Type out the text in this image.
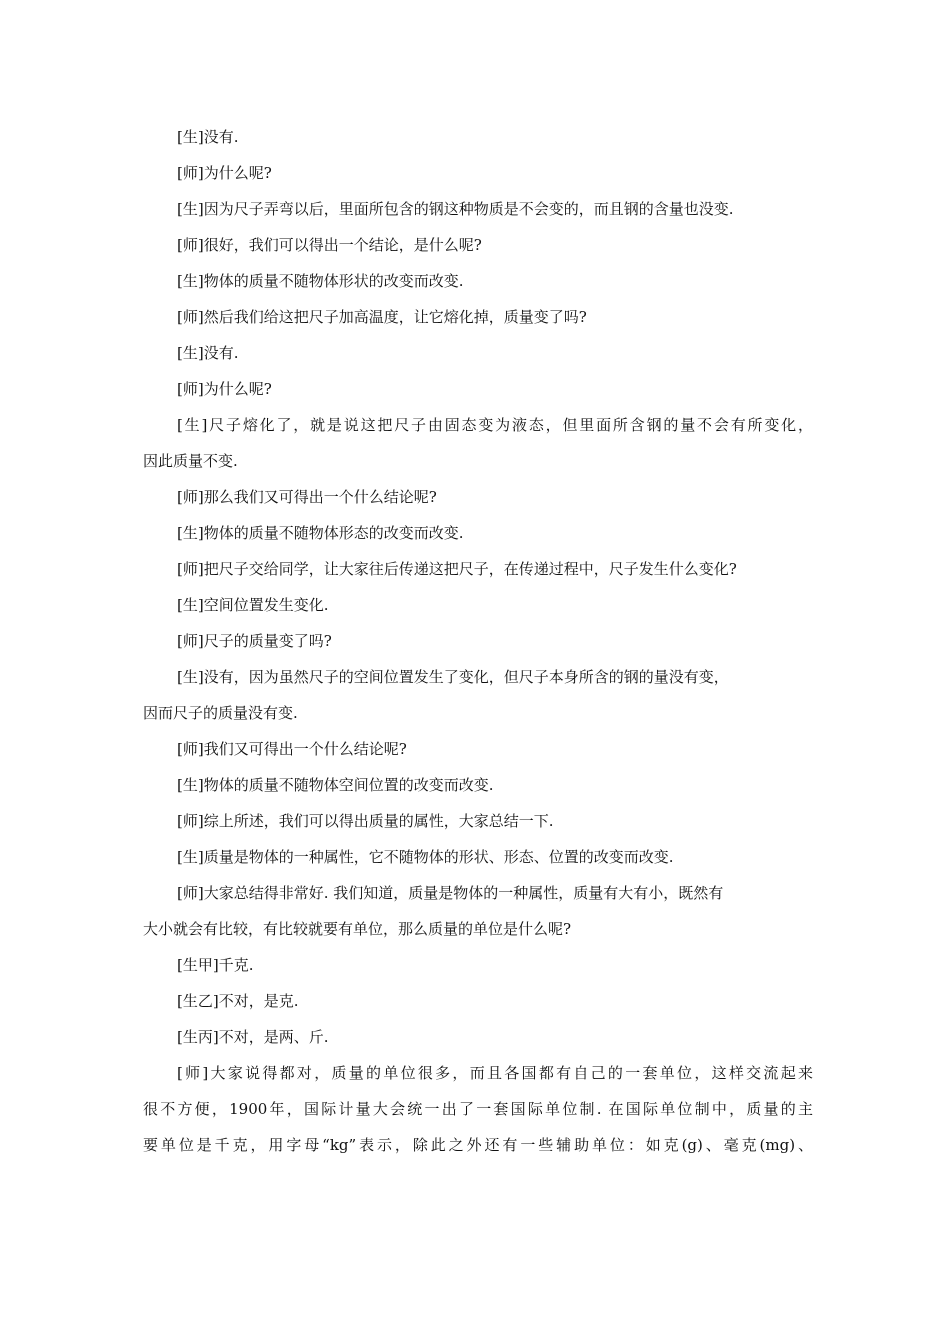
[生]没有.

[师]为什么呢?

[生]因为尺子弄弯以后，里面所包含的钢这种物质是不会变的，而且钢的含量也没变.

[师]很好，我们可以得出一个结论，是什么呢?

[生]物体的质量不随物体形状的改变而改变.

[师]然后我们给这把尺子加高温度，让它熔化掉，质量变了吗?

[生]没有.

[师]为什么呢?

[生]尺子熔化了，就是说这把尺子由固态变为液态，但里面所含钢的量不会有所变化，
因此质量不变.

[师]那么我们又可得出一个什么结论呢?

[生]物体的质量不随物体形态的改变而改变.

[师]把尺子交给同学，让大家往后传递这把尺子，在传递过程中，尺子发生什么变化?

[生]空间位置发生变化.

[师]尺子的质量变了吗?

[生]没有，因为虽然尺子的空间位置发生了变化，但尺子本身所含的钢的量没有变，
因而尺子的质量没有变.

[师]我们又可得出一个什么结论呢?

[生]物体的质量不随物体空间位置的改变而改变.

[师]综上所述，我们可以得出质量的属性，大家总结一下.

[生]质量是物体的一种属性，它不随物体的形状、形态、位置的改变而改变.

[师]大家总结得非常好. 我们知道，质量是物体的一种属性，质量有大有小，既然有
大小就会有比较，有比较就要有单位，那么质量的单位是什么呢?

[生甲]千克.

[生乙]不对，是克.

[生丙]不对，是两、斤.

[师]大家说得都对，质量的单位很多，而且各国都有自己的一套单位，这样交流起来
很不方便，1900年，国际计量大会统一出了一套国际单位制. 在国际单位制中，质量的主
要单位是千克，用字母“kg”表示，除此之外还有一些辅助单位：如克(g)、毫克(mg)、
